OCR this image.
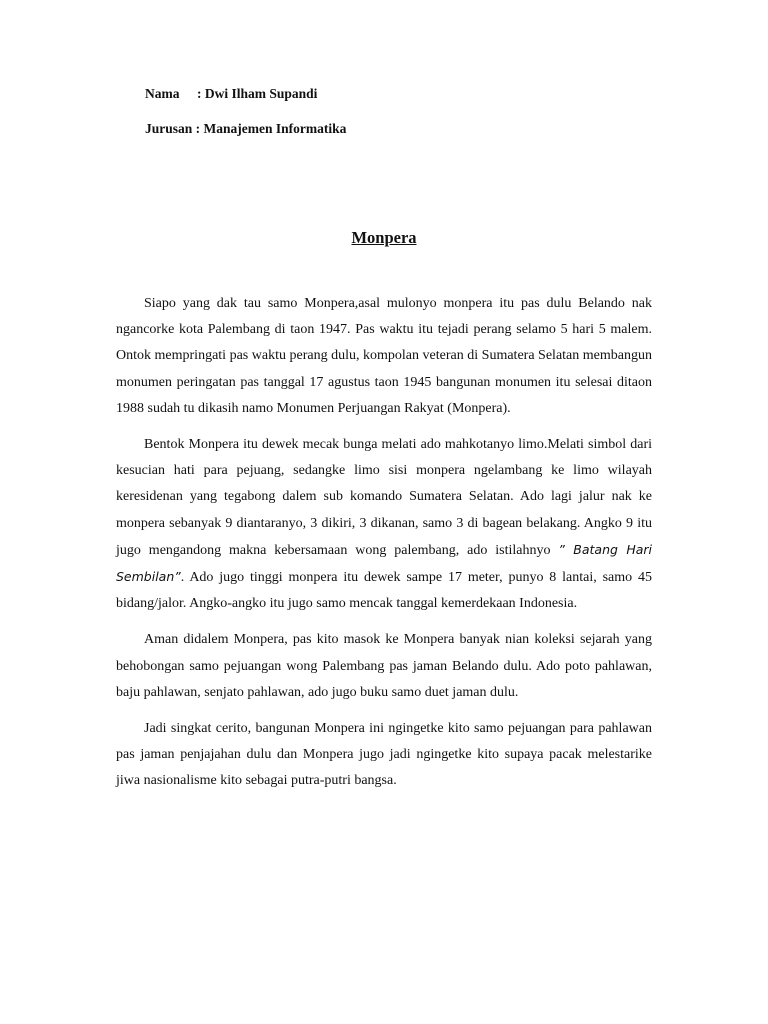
Nama : Dwi Ilham Supandi
Jurusan : Manajemen Informatika
Monpera

Siapo yang dak tau samo Monpera,asal mulonyo monpera itu pas dulu Belando nak ngancorke kota Palembang di taon 1947. Pas waktu itu tejadi perang selamo 5 hari 5 malem. Ontok mempringati pas waktu perang dulu, kompolan veteran di Sumatera Selatan membangun monumen peringatan pas tanggal 17 agustus taon 1945 bangunan monumen itu selesai ditaon 1988 sudah tu dikasih namo Monumen Perjuangan Rakyat (Monpera).

Bentok Monpera itu dewek mecak bunga melati ado mahkotanyo limo.Melati simbol dari kesucian hati para pejuang, sedangke limo sisi monpera ngelambang ke limo wilayah keresidenan yang tegabong dalem sub komando Sumatera Selatan. Ado lagi jalur nak ke monpera sebanyak 9 diantaranyo, 3 dikiri, 3 dikanan, samo 3 di bagean belakang. Angko 9 itu jugo mengandong makna kebersamaan wong palembang, ado istilahnyo ” Batang Hari Sembilan”. Ado jugo tinggi monpera itu dewek sampe 17 meter, punyo 8 lantai, samo 45 bidang/jalor. Angko-angko itu jugo samo mencak tanggal kemerdekaan Indonesia.

Aman didalem Monpera, pas kito masok ke Monpera banyak nian koleksi sejarah yang behobongan samo pejuangan wong Palembang pas jaman Belando dulu. Ado poto pahlawan, baju pahlawan, senjato pahlawan, ado jugo buku samo duet jaman dulu.

Jadi singkat cerito, bangunan Monpera ini ngingetke kito samo pejuangan para pahlawan pas jaman penjajahan dulu dan Monpera jugo jadi ngingetke kito supaya pacak melestarike jiwa nasionalisme kito sebagai putra-putri bangsa.
